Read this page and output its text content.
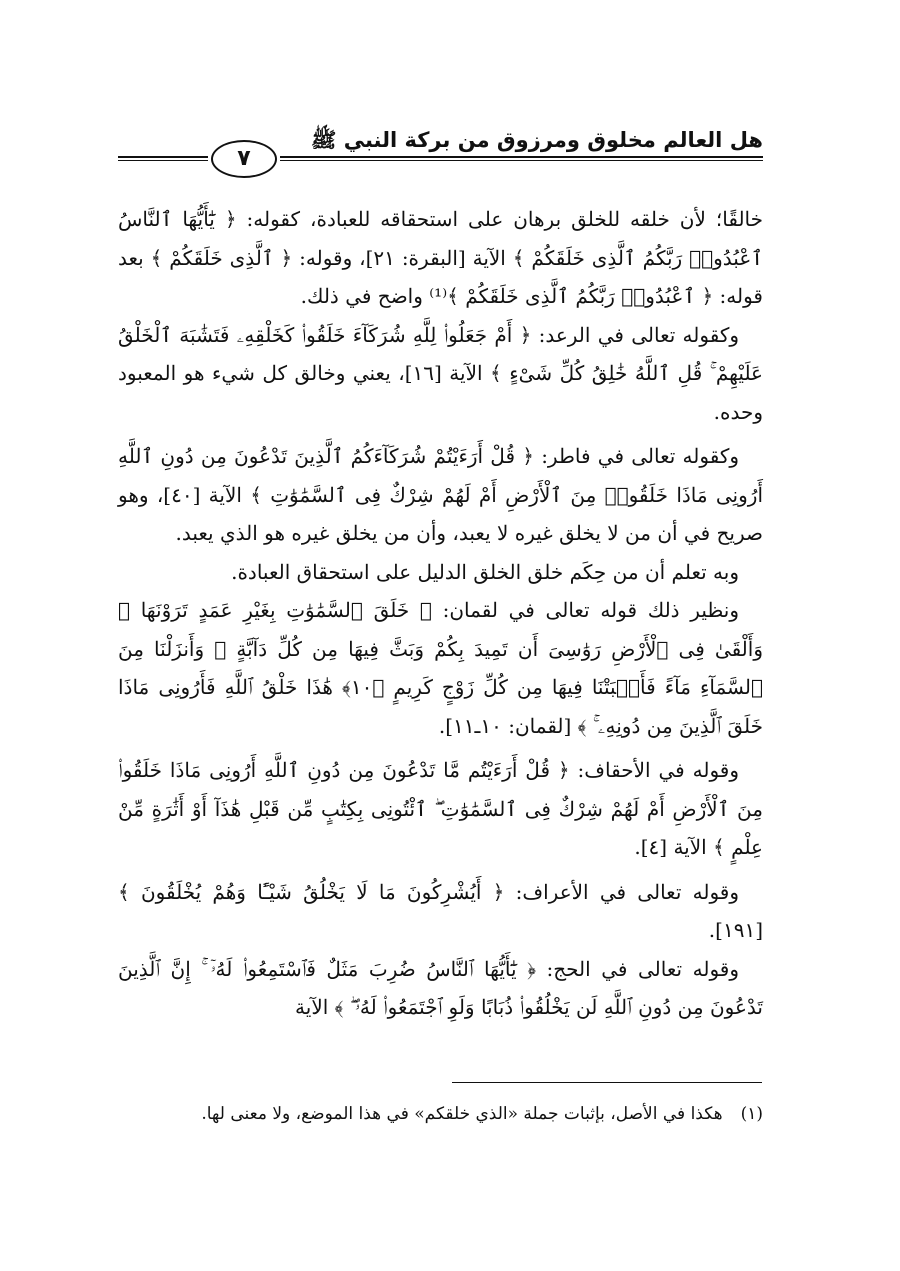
هل العالم مخلوق ومرزوق من بركة النبي ﷺ
٧

خالقًا؛ لأن خلقه للخلق برهان على استحقاقه للعبادة، كقوله: ﴿ يَٰٓأَيُّهَا ٱلنَّاسُ ٱعْبُدُوا۟ رَبَّكُمُ ٱلَّذِى خَلَقَكُمْ ﴾ الآية [البقرة: ٢١]، وقوله: ﴿ ٱلَّذِى خَلَقَكُمْ ﴾ بعد قوله: ﴿ ٱعْبُدُوا۟ رَبَّكُمُ ٱلَّذِى خَلَقَكُمْ ﴾⁽¹⁾ واضح في ذلك.

وكقوله تعالى في الرعد: ﴿ أَمْ جَعَلُوا۟ لِلَّهِ شُرَكَآءَ خَلَقُوا۟ كَخَلْقِهِۦ فَتَشَٰبَهَ ٱلْخَلْقُ عَلَيْهِمْ ۚ قُلِ ٱللَّهُ خَٰلِقُ كُلِّ شَىْءٍ ﴾ الآية [١٦]، يعني وخالق كل شيء هو المعبود وحده.

وكقوله تعالى في فاطر: ﴿ قُلْ أَرَءَيْتُمْ شُرَكَآءَكُمُ ٱلَّذِينَ تَدْعُونَ مِن دُونِ ٱللَّهِ أَرُونِى مَاذَا خَلَقُوا۟ مِنَ ٱلْأَرْضِ أَمْ لَهُمْ شِرْكٌ فِى ٱلسَّمَٰوَٰتِ ﴾ الآية [٤٠]، وهو صريح في أن من لا يخلق غيره لا يعبد، وأن من يخلق غيره هو الذي يعبد.

وبه تعلم أن من حِكَم خلق الخلق الدليل على استحقاق العبادة.

ونظير ذلك قوله تعالى في لقمان: ﴿ خَلَقَ ٱلسَّمَٰوَٰتِ بِغَيْرِ عَمَدٍ تَرَوْنَهَا ۖ وَأَلْقَىٰ فِى ٱلْأَرْضِ رَوَٰسِىَ أَن تَمِيدَ بِكُمْ وَبَثَّ فِيهَا مِن كُلِّ دَآبَّةٍ ۚ وَأَنزَلْنَا مِنَ ٱلسَّمَآءِ مَآءً فَأَنۢبَتْنَا فِيهَا مِن كُلِّ زَوْجٍ كَرِيمٍ ﴿١٠﴾ هَٰذَا خَلْقُ ٱللَّهِ فَأَرُونِى مَاذَا خَلَقَ ٱلَّذِينَ مِن دُونِهِۦ ۚ ﴾ [لقمان: ١٠ـ١١].

وقوله في الأحقاف: ﴿ قُلْ أَرَءَيْتُم مَّا تَدْعُونَ مِن دُونِ ٱللَّهِ أَرُونِى مَاذَا خَلَقُوا۟ مِنَ ٱلْأَرْضِ أَمْ لَهُمْ شِرْكٌ فِى ٱلسَّمَٰوَٰتِ ۖ ٱئْتُونِى بِكِتَٰبٍ مِّن قَبْلِ هَٰذَآ أَوْ أَثَٰرَةٍ مِّنْ عِلْمٍ ﴾ الآية [٤].

وقوله تعالى في الأعراف: ﴿ أَيُشْرِكُونَ مَا لَا يَخْلُقُ شَيْـًٔا وَهُمْ يُخْلَقُونَ ﴾ [١٩١].

وقوله تعالى في الحج: ﴿ يَٰٓأَيُّهَا ٱلنَّاسُ ضُرِبَ مَثَلٌ فَٱسْتَمِعُوا۟ لَهُۥٓ ۚ إِنَّ ٱلَّذِينَ تَدْعُونَ مِن دُونِ ٱللَّهِ لَن يَخْلُقُوا۟ ذُبَابًا وَلَوِ ٱجْتَمَعُوا۟ لَهُۥ ۖ ﴾ الآية

(١)هكذا في الأصل، بإثبات جملة «الذي خلقكم» في هذا الموضع، ولا معنى لها.
